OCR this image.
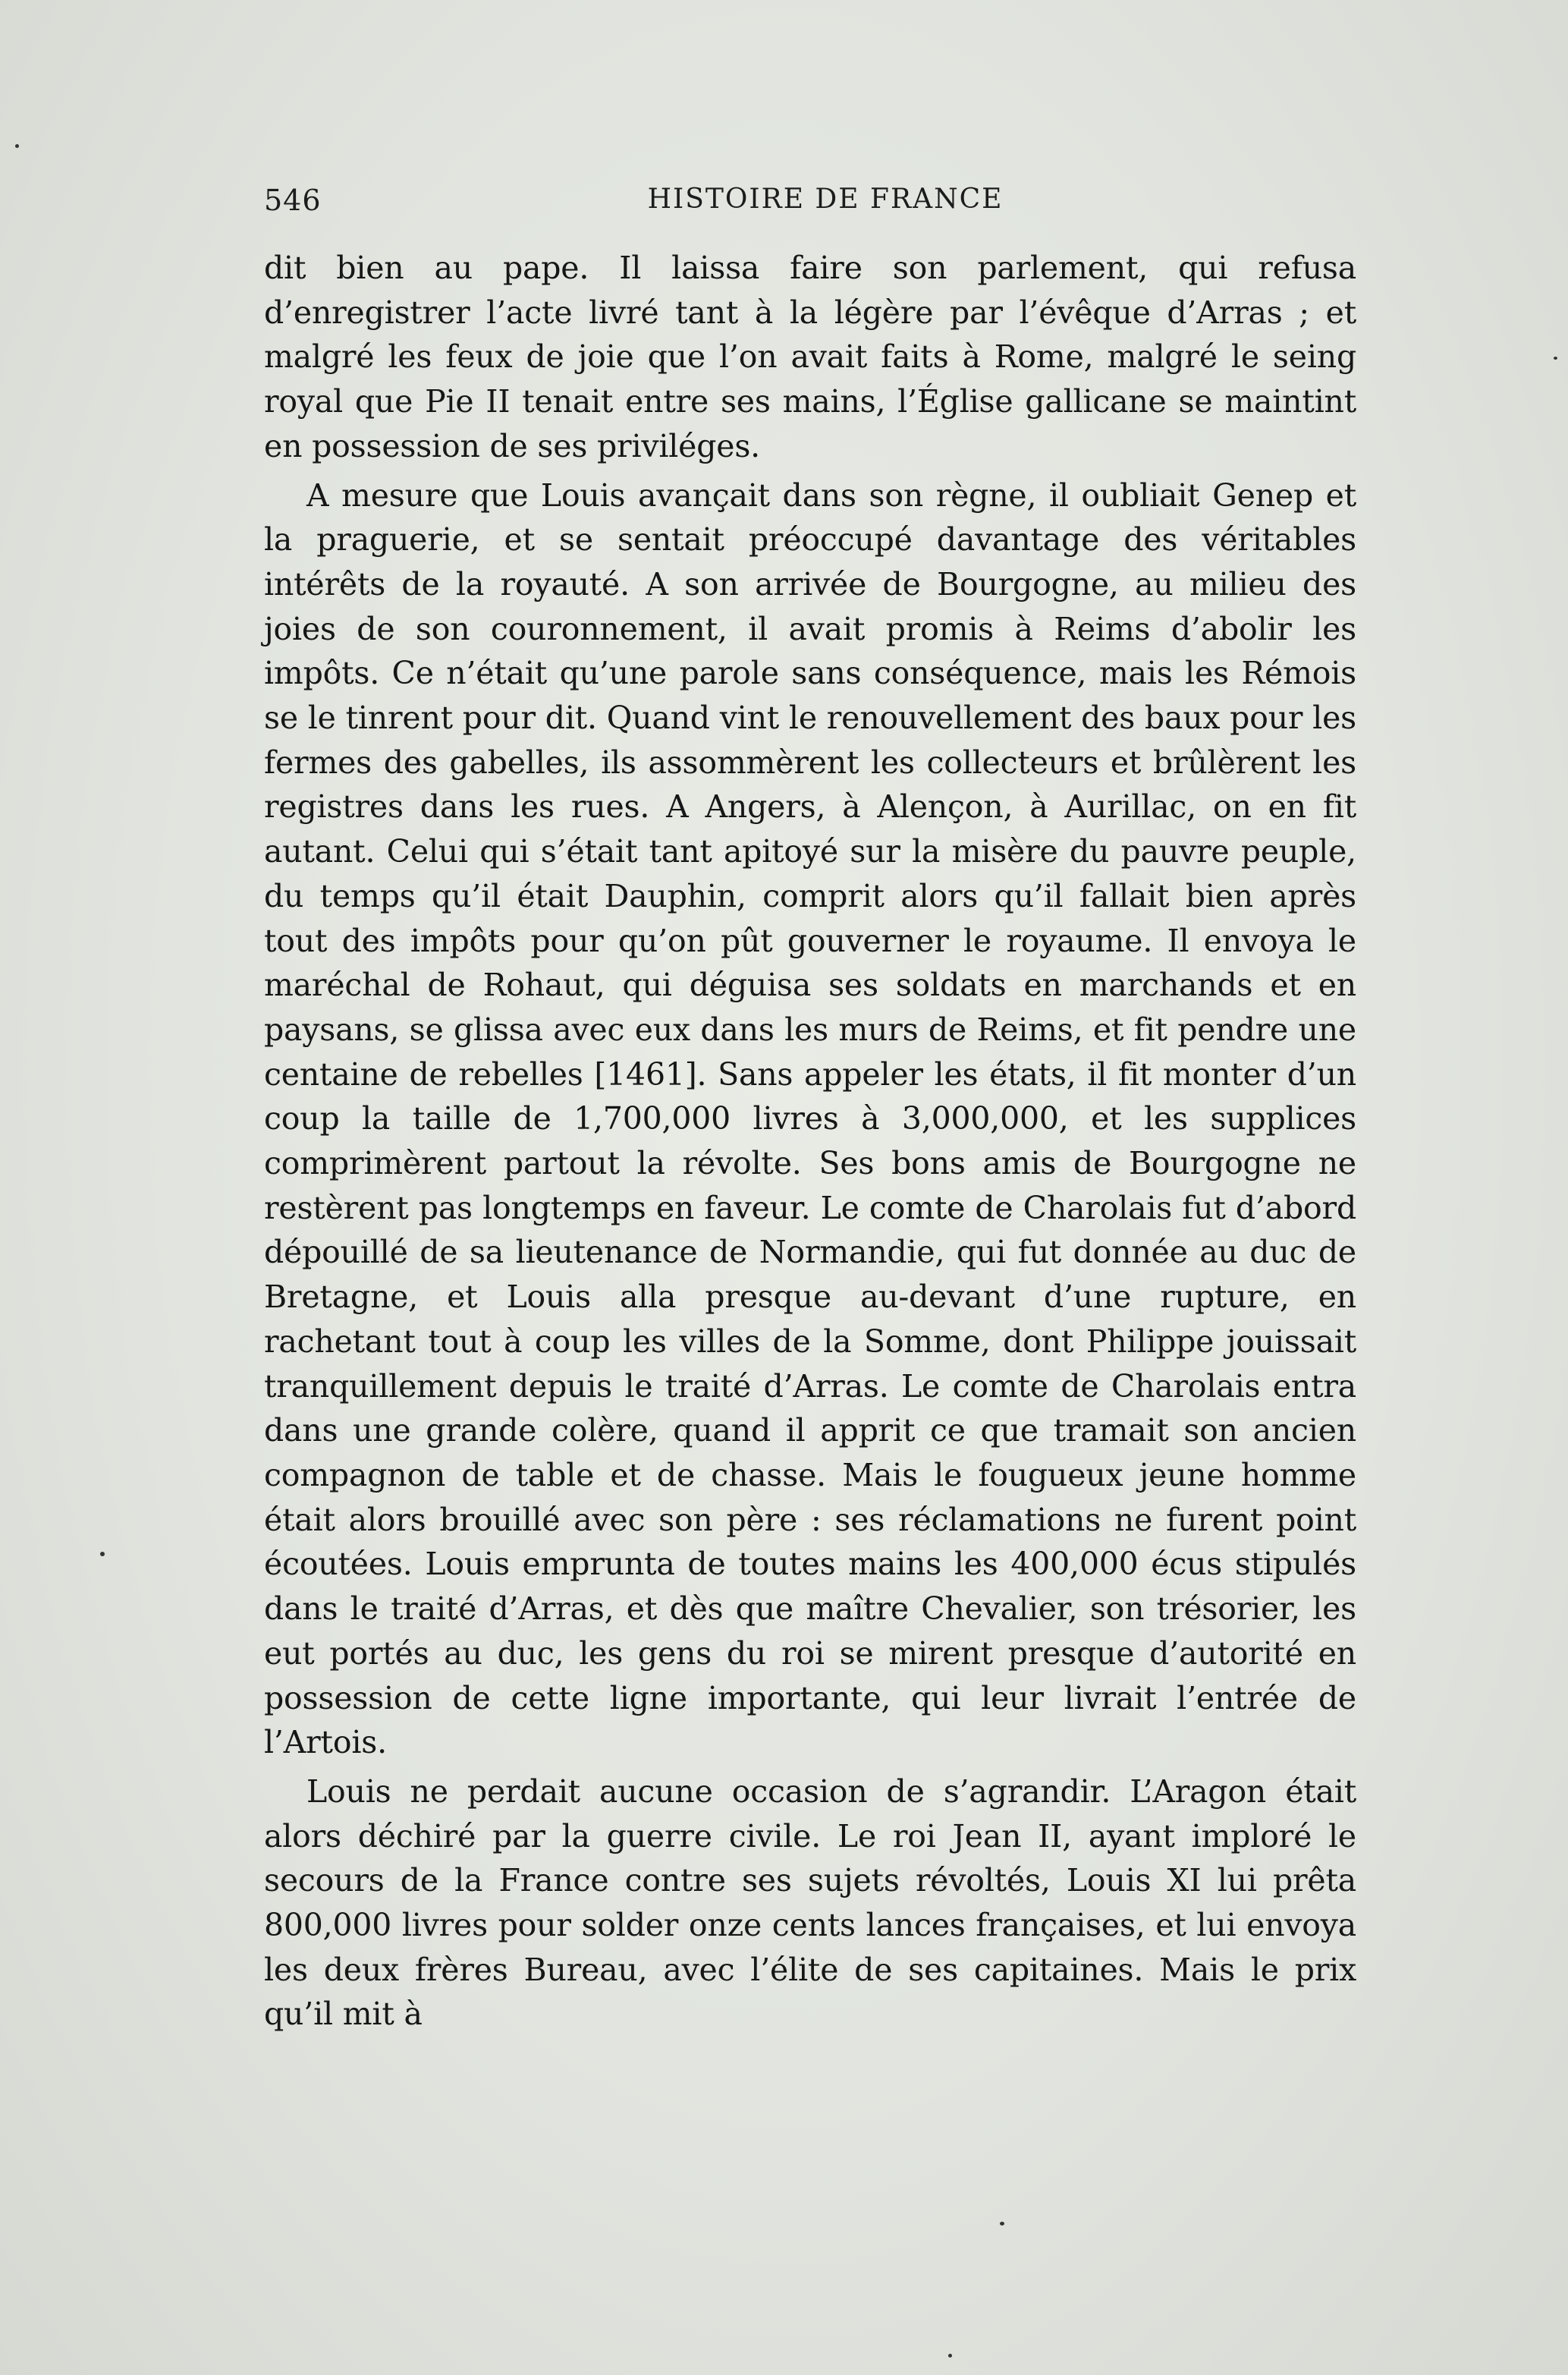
546	HISTOIRE DE FRANCE

dit bien au pape. Il laissa faire son parlement, qui refusa d’enregistrer l’acte livré tant à la légère par l’évêque d’Arras ; et malgré les feux de joie que l’on avait faits à Rome, malgré le seing royal que Pie II tenait entre ses mains, l’Église gallicane se maintint en possession de ses priviléges.

A mesure que Louis avançait dans son règne, il oubliait Genep et la praguerie, et se sentait préoccupé davantage des véritables intérêts de la royauté. A son arrivée de Bourgogne, au milieu des joies de son couronnement, il avait promis à Reims d’abolir les impôts. Ce n’était qu’une parole sans conséquence, mais les Rémois se le tinrent pour dit. Quand vint le renouvellement des baux pour les fermes des gabelles, ils assommèrent les collecteurs et brûlèrent les registres dans les rues. A Angers, à Alençon, à Aurillac, on en fit autant. Celui qui s’était tant apitoyé sur la misère du pauvre peuple, du temps qu’il était Dauphin, comprit alors qu’il fallait bien après tout des impôts pour qu’on pût gouverner le royaume. Il envoya le maréchal de Rohaut, qui déguisa ses soldats en marchands et en paysans, se glissa avec eux dans les murs de Reims, et fit pendre une centaine de rebelles [1461]. Sans appeler les états, il fit monter d’un coup la taille de 1,700,000 livres à 3,000,000, et les supplices comprimèrent partout la révolte. Ses bons amis de Bourgogne ne restèrent pas longtemps en faveur. Le comte de Charolais fut d’abord dépouillé de sa lieutenance de Normandie, qui fut donnée au duc de Bretagne, et Louis alla presque au-devant d’une rupture, en rachetant tout à coup les villes de la Somme, dont Philippe jouissait tranquillement depuis le traité d’Arras. Le comte de Charolais entra dans une grande colère, quand il apprit ce que tramait son ancien compagnon de table et de chasse. Mais le fougueux jeune homme était alors brouillé avec son père : ses réclamations ne furent point écoutées. Louis emprunta de toutes mains les 400,000 écus stipulés dans le traité d’Arras, et dès que maître Chevalier, son trésorier, les eut portés au duc, les gens du roi se mirent presque d’autorité en possession de cette ligne importante, qui leur livrait l’entrée de l’Artois.

Louis ne perdait aucune occasion de s’agrandir. L’Aragon était alors déchiré par la guerre civile. Le roi Jean II, ayant imploré le secours de la France contre ses sujets révoltés, Louis XI lui prêta 800,000 livres pour solder onze cents lances françaises, et lui envoya les deux frères Bureau, avec l’élite de ses capitaines. Mais le prix qu’il mit à
